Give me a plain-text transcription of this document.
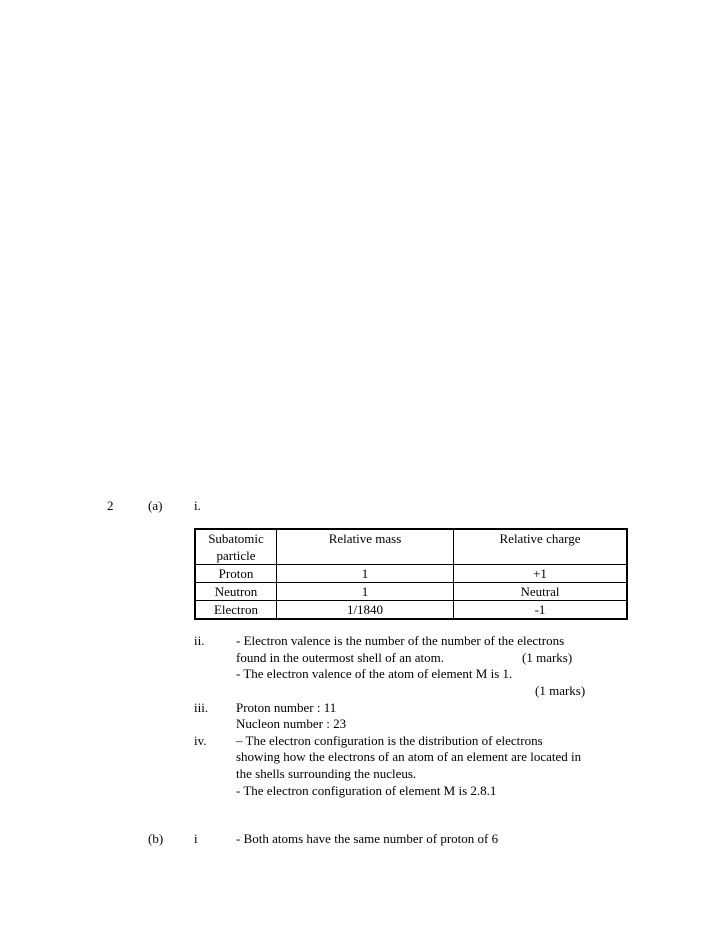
2	(a) i.
Subatomic
particle	Relative mass	Relative charge
Proton	1	+1
Neutron	1	Neutral
Electron	1/1840	-1
ii. - Electron valence is the number of the number of the electrons
found in the outermost shell of an atom.	(1 marks)
- The electron valence of the atom of element M is 1.
(1 marks)
iii. Proton number : 11
Nucleon number : 23
iv. – The electron configuration is the distribution of electrons
showing how the electrons of an atom of an element are located in
the shells surrounding the nucleus.
- The electron configuration of element M is 2.8.1
(b) i	- Both atoms have the same number of proton of 6
